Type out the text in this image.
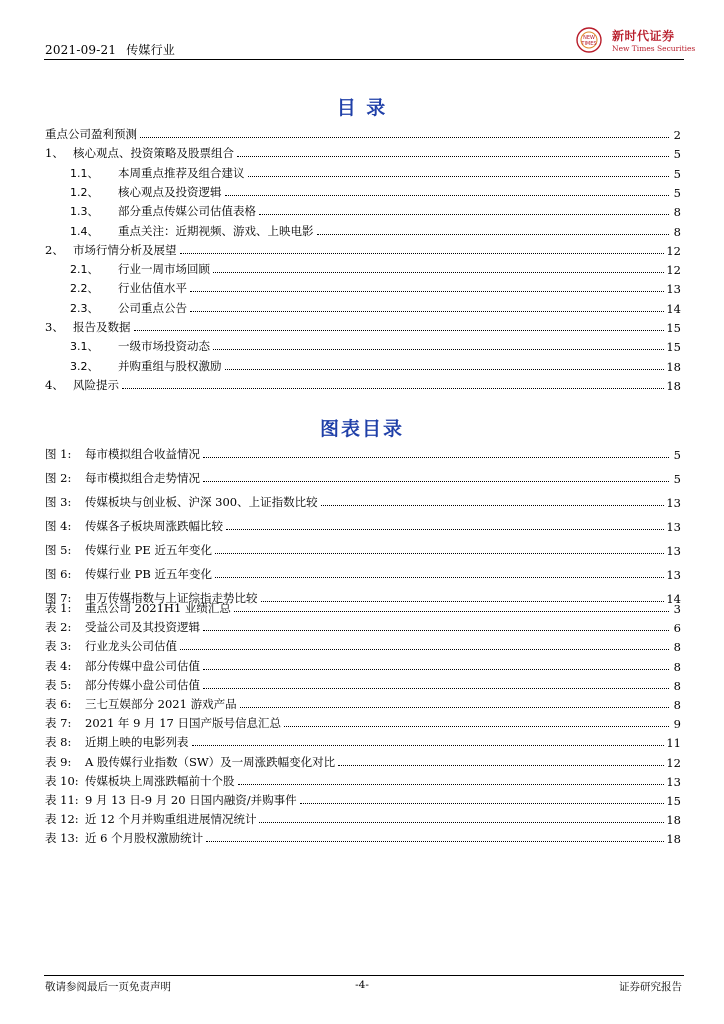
2021-09-21 传媒行业
NEW
TIMES
新时代证券
New Times Securities
目 录
重点公司盈利预测	2
1、 核心观点、投资策略及股票组合	5
1.1、	本周重点推荐及组合建议	5
1.2、	核心观点及投资逻辑	5
1.3、	部分重点传媒公司估值表格	8
1.4、	重点关注：近期视频、游戏、上映电影	8
2、 市场行情分析及展望	12
2.1、	行业一周市场回顾	12
2.2、	行业估值水平	13
2.3、	公司重点公告	14
3、 报告及数据	15
3.1、	一级市场投资动态	15
3.2、	并购重组与股权激励	18
4、 风险提示	18
图表目录
图 1:	每市模拟组合收益情况	5
图 2:	每市模拟组合走势情况	5
图 3:	传媒板块与创业板、沪深 300、上证指数比较	13
图 4:	传媒各子板块周涨跌幅比较	13
图 5:	传媒行业 PE 近五年变化	13
图 6:	传媒行业 PB 近五年变化	13
图 7:	申万传媒指数与上证综指走势比较	14
表 1:	重点公司 2021H1 业绩汇总	3
表 2:	受益公司及其投资逻辑	6
表 3:	行业龙头公司估值	8
表 4:	部分传媒中盘公司估值	8
表 5:	部分传媒小盘公司估值	8
表 6:	三七互娱部分 2021 游戏产品	8
表 7:	2021 年 9 月 17 日国产版号信息汇总	9
表 8:	近期上映的电影列表	11
表 9:	A 股传媒行业指数（SW）及一周涨跌幅变化对比	12
表 10: 传媒板块上周涨跌幅前十个股	13
表 11: 9 月 13 日-9 月 20 日国内融资/并购事件	15
表 12: 近 12 个月并购重组进展情况统计	18
表 13: 近 6 个月股权激励统计	18
敬请参阅最后一页免责声明	-4-	证券研究报告
